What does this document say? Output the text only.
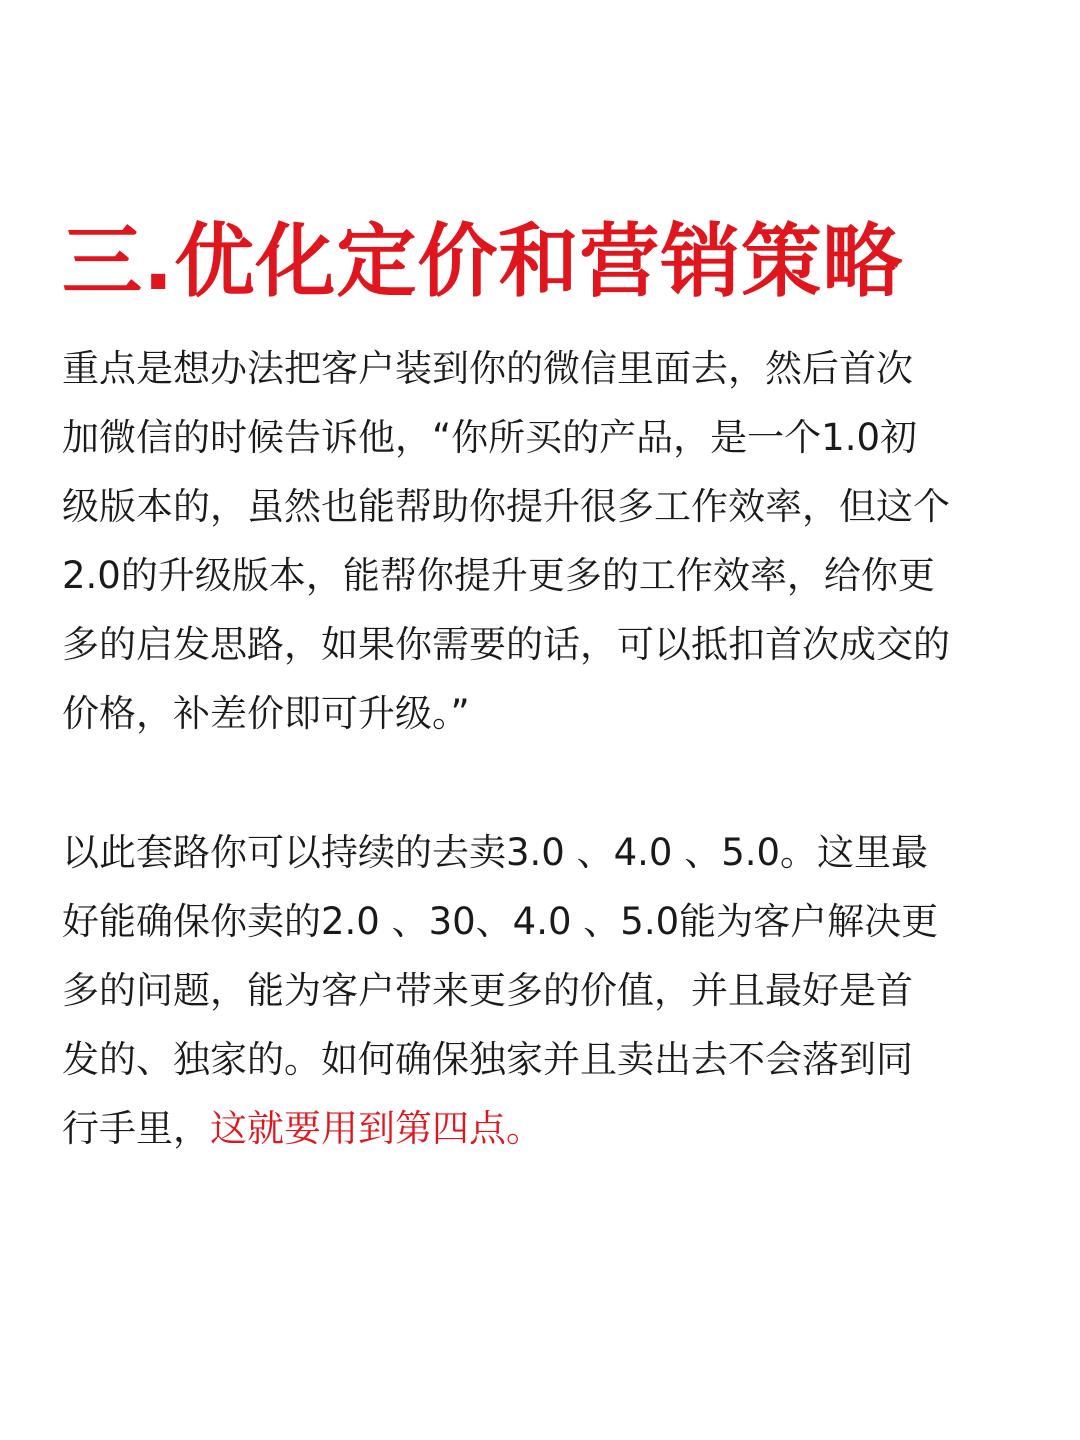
三.优化定价和营销策略
重点是想办法把客户装到你的微信里面去，然后首次
加微信的时候告诉他，“你所买的产品，是一个1.0初
级版本的，虽然也能帮助你提升很多工作效率，但这个
2.0的升级版本，能帮你提升更多的工作效率，给你更
多的启发思路，如果你需要的话，可以抵扣首次成交的
价格，补差价即可升级。”
以此套路你可以持续的去卖3.0 、4.0 、5.0。这里最
好能确保你卖的2.0 、30、4.0 、5.0能为客户解决更
多的问题，能为客户带来更多的价值，并且最好是首
发的、独家的。如何确保独家并且卖出去不会落到同
行手里，这就要用到第四点。
